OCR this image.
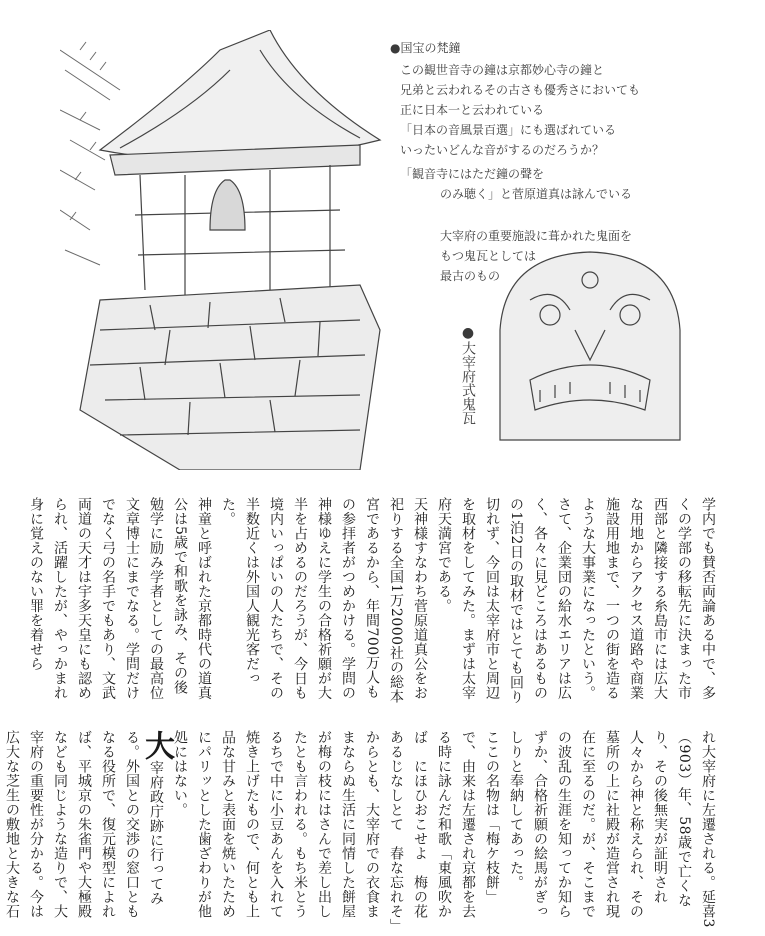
●国宝の梵鐘
この観世音寺の鐘は京都妙心寺の鐘と
兄弟と云われるその古さも優秀さにおいても
正に日本一と云われている
「日本の音風景百選」にも選ばれている
いったいどんな音がするのだろうか？
「観音寺にはただ鐘の聲を
のみ聴く」と菅原道真は詠んでいる
大宰府の重要施設に葺かれた鬼面を
もつ鬼瓦としては
最古のもの
●大宰府式鬼瓦

学内でも賛否両論ある中で、多くの学部の移転先に決まった市西部と隣接する糸島市には広大な用地からアクセス道路や商業施設用地まで、一つの街を造るような大事業になったという。

さて、企業団の給水エリアは広く、各々に見どころはあるものの1泊2日の取材ではとても回り切れず、今回は太宰府市と周辺を取材をしてみた。まずは太宰府天満宮である。

天神様すなわち菅原道真公をお祀りする全国1万2000社の総本宮であるから、年間700万人もの参拝者がつめかける。学問の神様ゆえに学生の合格祈願が大半を占めるのだろうが、今日も境内いっぱいの人たちで、その半数近くは外国人観光客だった。

神童と呼ばれた京都時代の道真公は5歳で和歌を詠み、その後勉学に励み学者としての最高位文章博士にまでなる。学問だけでなく弓の名手でもあり、文武両道の天才は宇多天皇にも認められ、活躍したが、やっかまれ身に覚えのない罪を着せら

れ大宰府に左遷される。延喜3（903）年、58歳で亡くなり、その後無実が証明され人々から神と称えられ、その墓所の上に社殿が造営され現在に至るのだ。が、そこまでの波乱の生涯を知ってか知らずか、合格祈願の絵馬がぎっしりと奉納してあった。

ここの名物は「梅ケ枝餅」で、由来は左遷され京都を去る時に詠んだ和歌「東風吹かば　にほひおこせよ　梅の花　あるじなしとて　春な忘れそ」からとも、大宰府での衣食ままならぬ生活に同情した餅屋が梅の枝にはさんで差し出したとも言われる。もち米とうるちで中に小豆あんを入れて焼き上げたもので、何とも上品な甘みと表面を焼いたためにパリッとした歯ざわりが他処にはない。

大宰府政庁跡に行ってみる。外国との交渉の窓口ともなる役所で、復元模型によれば、平城京の朱雀門や大極殿なども同じような造りで、大宰府の重要性が分かる。今は広大な芝生の敷地と大きな石
